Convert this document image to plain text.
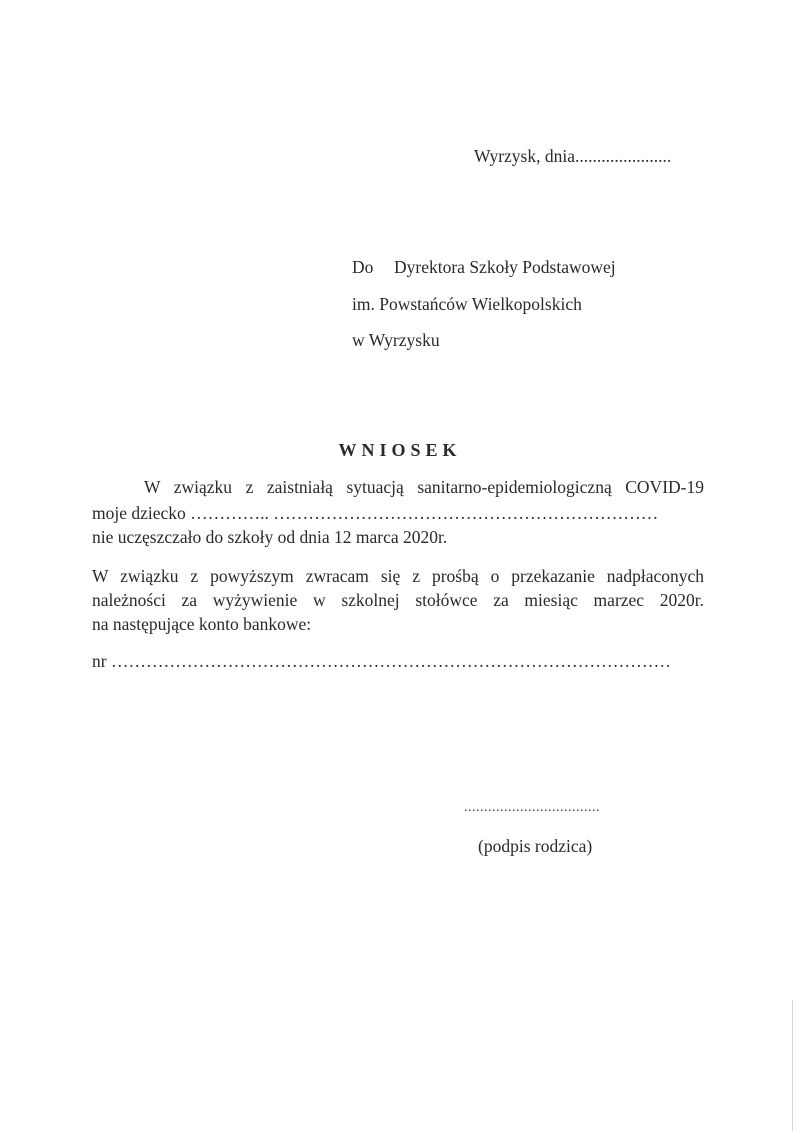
Wyrzysk, dnia......................
Do Dyrektora Szkoły Podstawowej
im. Powstańców Wielkopolskich
w Wyrzysku
WNIOSEK
W związku z zaistniałą sytuacją sanitarno-epidemiologiczną COVID-19
moje dziecko ………….. …………………………………………………………
nie uczęszczało do szkoły od dnia 12 marca 2020r.
W związku z powyższym zwracam się z prośbą o przekazanie nadpłaconych
należności za wyżywienie w szkolnej stołówce za miesiąc marzec 2020r.
na następujące konto bankowe:
nr ……………………………………………………………………………………
..................................
(podpis rodzica)
